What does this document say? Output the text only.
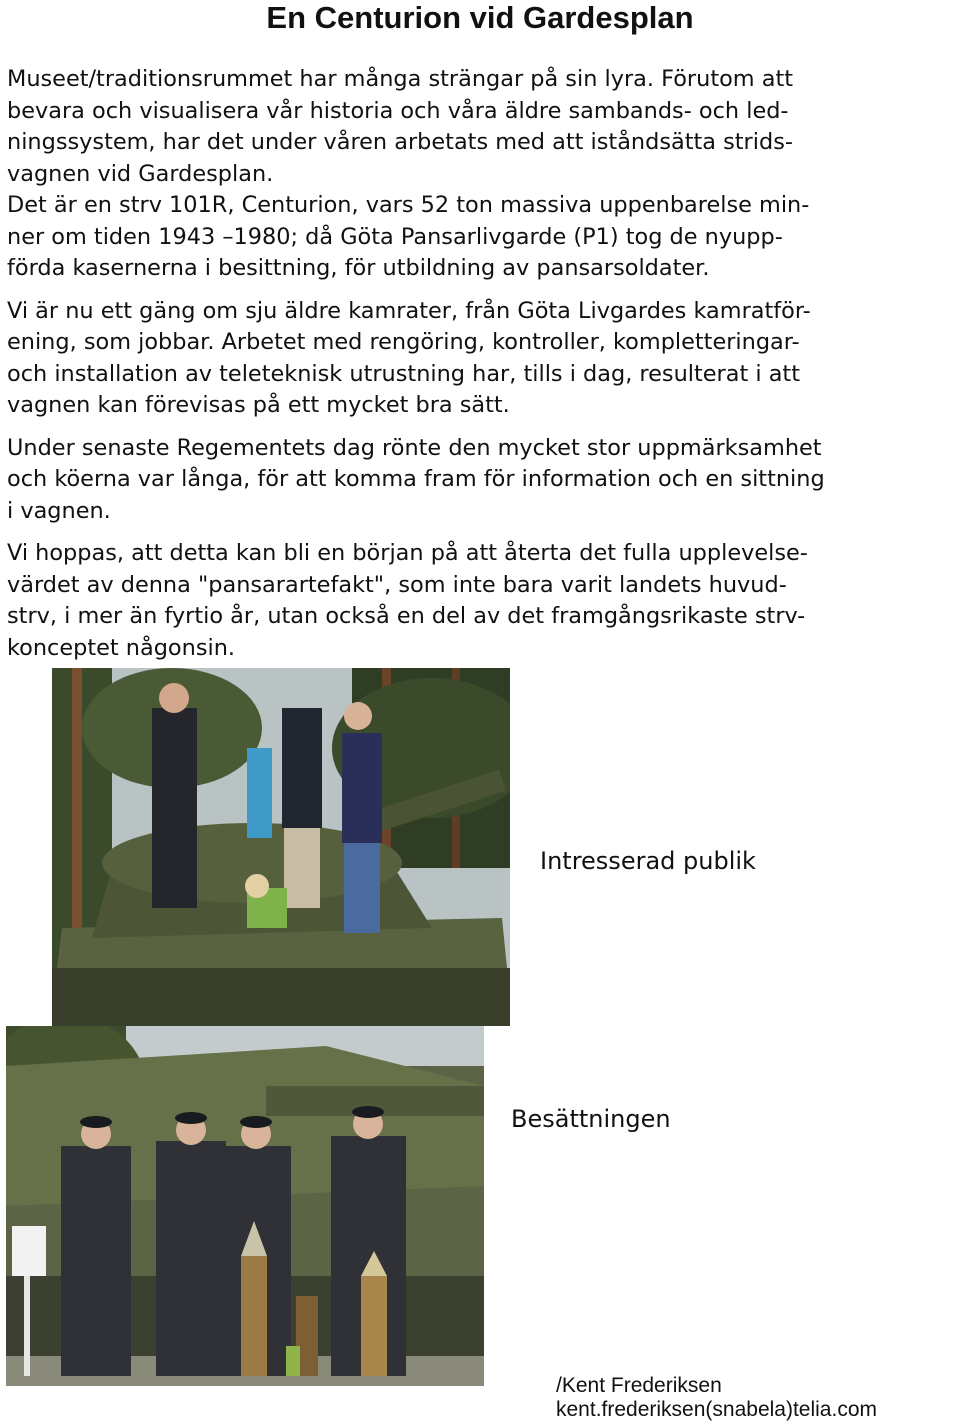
En Centurion vid Gardesplan

Museet/traditionsrummet har många strängar på sin lyra. Förutom att
bevara och visualisera vår historia och våra äldre sambands- och led-
ningssystem, har det under våren arbetats med att iståndsätta strids-
vagnen vid Gardesplan.
Det är en strv 101R, Centurion, vars 52 ton massiva uppenbarelse min-
ner om tiden 1943 –1980; då Göta Pansarlivgarde (P1) tog de nyupp-
förda kasernerna i besittning, för utbildning av pansarsoldater.

Vi är nu ett gäng om sju äldre kamrater, från Göta Livgardes kamratför-
ening, som jobbar. Arbetet med rengöring, kontroller, kompletteringar-
och installation av teleteknisk utrustning har, tills i dag, resulterat i att
vagnen kan förevisas på ett mycket bra sätt.

Under senaste Regementets dag rönte den mycket stor uppmärksamhet
och köerna var långa, för att komma fram för information och en sittning
i vagnen.

Vi hoppas, att detta kan bli en början på att återta det fulla upplevelse-
värdet av denna "pansarartefakt", som inte bara varit landets huvud-
strv, i mer än fyrtio år, utan också en del av det framgångsrikaste strv-
konceptet någonsin.

Intresserad publik
Besättningen
/Kent Frederiksen
kent.frederiksen(snabela)telia.com
